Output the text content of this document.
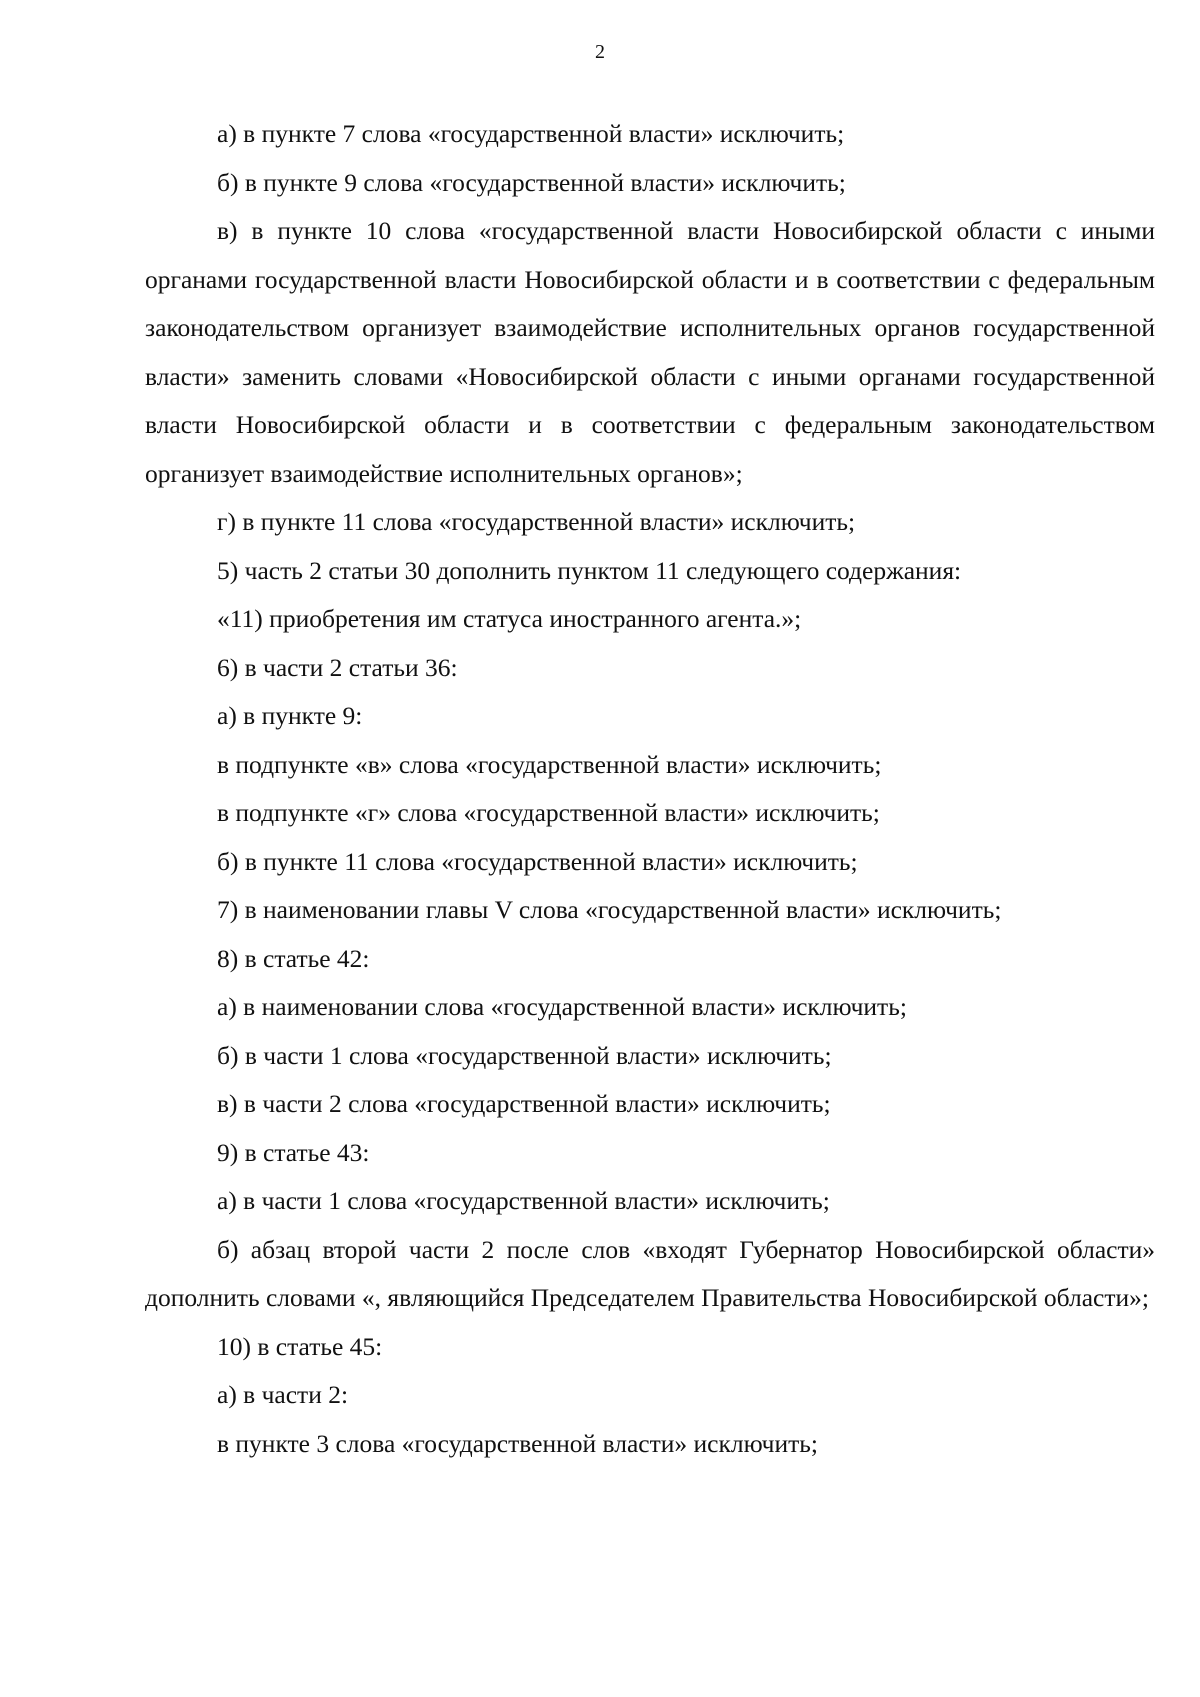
2

а) в пункте 7 слова «государственной власти» исключить;

б) в пункте 9 слова «государственной власти» исключить;

в) в пункте 10 слова «государственной власти Новосибирской области с иными органами государственной власти Новосибирской области и в соответствии с федеральным законодательством организует взаимодействие исполнительных органов государственной власти» заменить словами «Новосибирской области с иными органами государственной власти Новосибирской области и в соответствии с федеральным законодательством организует взаимодействие исполнительных органов»;

г) в пункте 11 слова «государственной власти» исключить;

5) часть 2 статьи 30 дополнить пунктом 11 следующего содержания:

«11) приобретения им статуса иностранного агента.»;

6) в части 2 статьи 36:

а) в пункте 9:

в подпункте «в» слова «государственной власти» исключить;

в подпункте «г» слова «государственной власти» исключить;

б) в пункте 11 слова «государственной власти» исключить;

7) в наименовании главы V слова «государственной власти» исключить;

8) в статье 42:

а) в наименовании слова «государственной власти» исключить;

б) в части 1 слова «государственной власти» исключить;

в) в части 2 слова «государственной власти» исключить;

9) в статье 43:

а) в части 1 слова «государственной власти» исключить;

б) абзац второй части 2 после слов «входят Губернатор Новосибирской области» дополнить словами «, являющийся Председателем Правительства Новосибирской области»;

10) в статье 45:

а) в части 2:

в пункте 3 слова «государственной власти» исключить;
